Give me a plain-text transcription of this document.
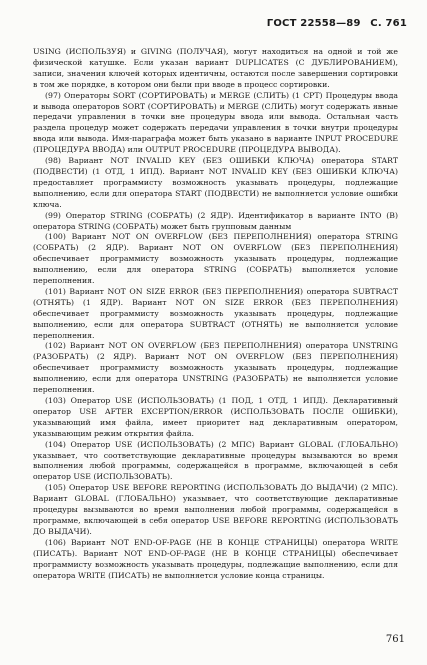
ГОСТ 22558—89 С. 761

USING (ИСПОЛЬЗУЯ) и GIVING (ПОЛУЧАЯ), могут находиться на одной и той же физической катушке. Если указан вариант DUPLICATES (С ДУБЛИРОВАНИЕМ), записи, значения ключей которых идентичны, остаются после завершения сортировки в том же порядке, в котором они были при вводе в процесс сортировки.

(97) Операторы SORT (СОРТИРОВАТЬ) и MERGE (СЛИТЬ) (1 СРТ) Процедуры ввода и вывода операторов SORT (СОРТИРОВАТЬ) и MERGE (СЛИТЬ) могут содержать явные передачи управления в точки вне процедуры ввода или вывода. Остальная часть раздела процедур может содержать передачи управления в точки внутри процедуры ввода или вывода. Имя-параграфа может быть указано в варианте INPUT PROCEDURE (ПРОЦЕДУРА ВВОДА) или OUTPUT PROCEDURE (ПРОЦЕДУРА ВЫВОДА).

(98) Вариант NOT INVALID KEY (БЕЗ ОШИБКИ КЛЮЧА) оператора START (ПОДВЕСТИ) (1 ОТД, 1 ИПД). Вариант NOT INVALID KEY (БЕЗ ОШИБКИ КЛЮЧА) предоставляет программисту возможность указывать процедуры, подлежащие выполнению, если для оператора START (ПОДВЕСТИ) не выполняется условие ошибки ключа.

(99) Оператор STRING (СОБРАТЬ) (2 ЯДР). Идентификатор в варианте INTO (В) оператора STRING (СОБРАТЬ) может быть групповым данным

(100) Вариант NOT ON OVERFLOW (БЕЗ ПЕРЕПОЛНЕНИЯ) оператора STRING (СОБРАТЬ) (2 ЯДР). Вариант NOT ON OVERFLOW (БЕЗ ПЕРЕПОЛНЕНИЯ) обеспечивает программисту возможность указывать процедуры, подлежащие выполнению, если для оператора STRING (СОБРАТЬ) выполняется условие переполнения.

(101) Вариант NOT ON SIZE ERROR (БЕЗ ПЕРЕПОЛНЕНИЯ) оператора SUBTRACT (ОТНЯТЬ) (1 ЯДР). Вариант NOT ON SIZE ERROR (БЕЗ ПЕРЕПОЛНЕНИЯ) обеспечивает программисту возможность указывать процедуры, подлежащие выполнению, если для оператора SUBTRACT (ОТНЯТЬ) не выполняется условие переполнения.

(102) Вариант NOT ON OVERFLOW (БЕЗ ПЕРЕПОЛНЕНИЯ) оператора UNSTRING (РАЗОБРАТЬ) (2 ЯДР). Вариант NOT ON OVERFLOW (БЕЗ ПЕРЕПОЛНЕНИЯ) обеспечивает программисту возможность указывать процедуры, подлежащие выполнению, если для оператора UNSTRING (РАЗОБРАТЬ) не выполняется условие переполнения.

(103) Оператор USE (ИСПОЛЬЗОВАТЬ) (1 ПОД, 1 ОТД, 1 ИПД). Декларативный оператор USE AFTER EXCEPTION/ERROR (ИСПОЛЬЗОВАТЬ ПОСЛЕ ОШИБКИ), указывающий имя файла, имеет приоритет над декларативным оператором, указывающим режим открытия файла.

(104) Оператор USE (ИСПОЛЬЗОВАТЬ) (2 МПС) Вариант GLOBAL (ГЛОБАЛЬНО) указывает, что соответствующие декларативные процедуры вызываются во время выполнения любой программы, содержащейся в программе, включающей в себя оператор USE (ИСПОЛЬЗОВАТЬ).

(105) Оператор USE BEFORE REPORTING (ИСПОЛЬЗОВАТЬ ДО ВЫДАЧИ) (2 МПС). Вариант GLOBAL (ГЛОБАЛЬНО) указывает, что соответствующие декларативные процедуры вызываются во время выполнения любой программы, содержащейся в программе, включающей в себя оператор USE BEFORE REPORTING (ИСПОЛЬЗОВАТЬ ДО ВЫДАЧИ).

(106) Вариант NOT END-OF-PAGE (НЕ В КОНЦЕ СТРАНИЦЫ) оператора WRITE (ПИСАТЬ). Вариант NOT END-OF-PAGE (НЕ В КОНЦЕ СТРАНИЦЫ) обеспечивает программисту возможность указывать процедуры, подлежащие выполнению, если для оператора WRITE (ПИСАТЬ) не выполняется условие конца страницы.

761
